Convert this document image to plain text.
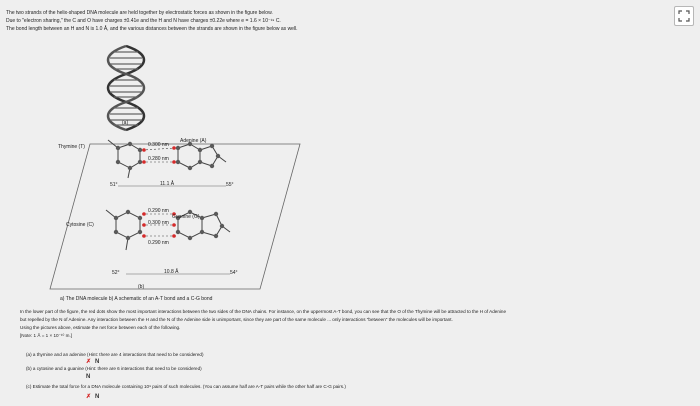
The two strands of the helix-shaped DNA molecule are held together by electrostatic forces as shown in the figure below.
Due to "electron sharing," the C and O have charges ±0.41e and the H and N have charges ±0.22e where e = 1.6 × 10⁻¹⁹ C.
The bond length between an H and N is 1.0 Å, and the various distances between the strands are shown in the figure below as well.
(a)
(b)
Thymine (T)
Adenine (A)
Cytosine (C)
Guanine (G)
0.300 nm
0.280 nm
11.1 Å
0.290 nm
0.300 nm
0.290 nm
10.8 Å
51°	55°
52°	54°
a) The DNA molecule b) A schematic of an A-T bond and a C-G bond
In the lower part of the figure, the red dots show the most important interactions between the two sides of the DNA chains. For instance, on the uppermost A-T bond, you can see that the O of the Thymine will be attracted to the H of Adenine
but repelled by the N of Adenine. Any interaction between the H and the N of the Adenine side is unimportant, since they are part of the same molecule ... only interactions "between" the molecules will be important.
Using the pictures above, estimate the net force between each of the following.
[Note: 1 Å = 1 × 10⁻¹⁰ m.]
(a) a thymine and an adenine (Hint: there are 4 interactions that need to be considered)
✗ N
(b) a cytosine and a guanine (Hint: there are 6 interactions that need to be considered)
N
(c) Estimate the total force for a DNA molecule containing 10⁹ pairs of such molecules. (You can assume half are A-T pairs while the other half are C-G pairs.)
✗ N
